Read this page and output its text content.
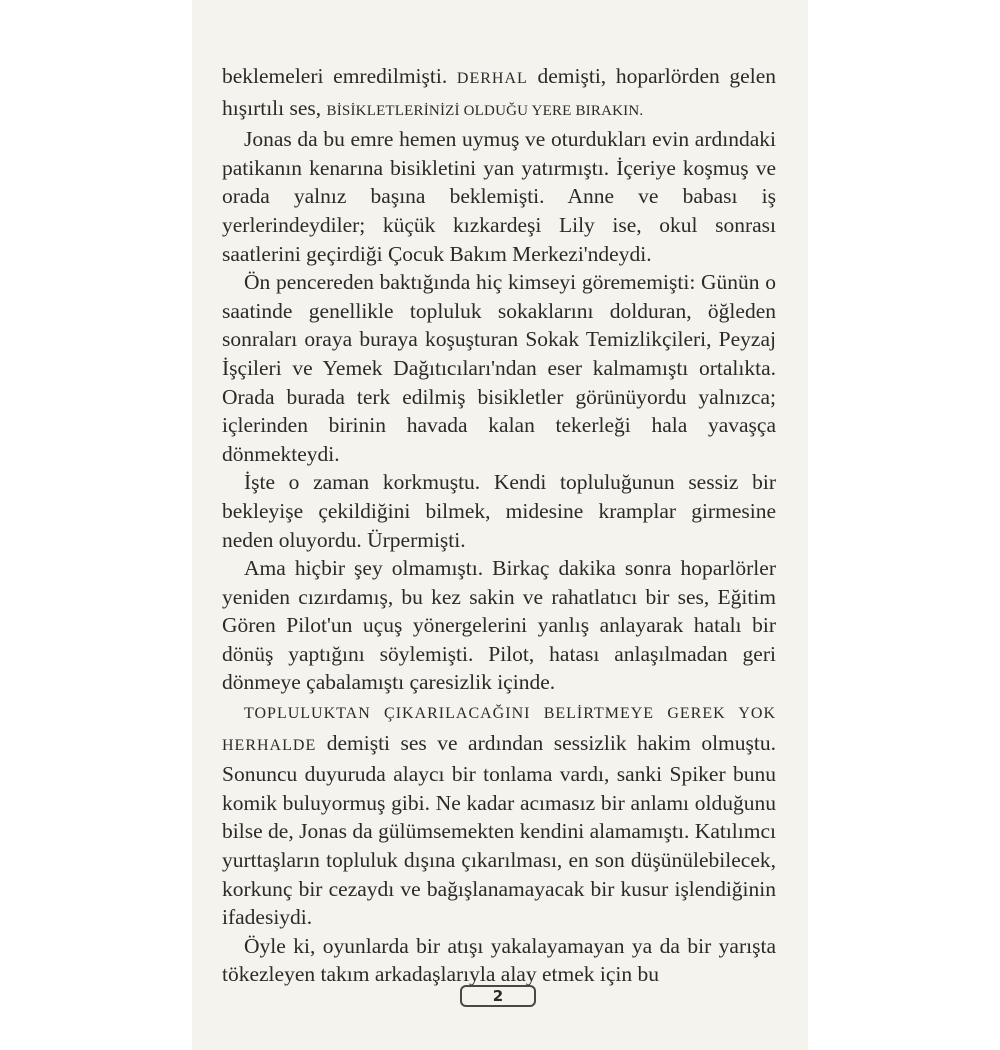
beklemeleri emredilmişti. DERHAL demişti, hoparlörden gelen hışırtılı ses, BİSİKLETLERİNİZİ OLDUĞU YERE BIRAKIN.

Jonas da bu emre hemen uymuş ve oturdukları evin ardındaki patikanın kenarına bisikletini yan yatırmıştı. İçeriye koşmuş ve orada yalnız başına beklemişti. Anne ve babası iş yerlerindeydiler; küçük kızkardeşi Lily ise, okul sonrası saatlerini geçirdiği Çocuk Bakım Merkezi'ndeydi.

Ön pencereden baktığında hiç kimseyi görememişti: Günün o saatinde genellikle topluluk sokaklarını dolduran, öğleden sonraları oraya buraya koşuşturan Sokak Temizlikçileri, Peyzaj İşçileri ve Yemek Dağıtıcıları'ndan eser kalmamıştı ortalıkta. Orada burada terk edilmiş bisikletler görünüyordu yalnızca; içlerinden birinin havada kalan tekerleği hala yavaşça dönmekteydi.

İşte o zaman korkmuştu. Kendi topluluğunun sessiz bir bekleyişe çekildiğini bilmek, midesine kramplar girmesine neden oluyordu. Ürpermişti.

Ama hiçbir şey olmamıştı. Birkaç dakika sonra hoparlörler yeniden cızırdamış, bu kez sakin ve rahatlatıcı bir ses, Eğitim Gören Pilot'un uçuş yönergelerini yanlış anlayarak hatalı bir dönüş yaptığını söylemişti. Pilot, hatası anlaşılmadan geri dönmeye çabalamıştı çaresizlik içinde.

TOPLULUKTAN ÇIKARILACAĞINI BELİRTMEYE GEREK YOK HERHALDE demişti ses ve ardından sessizlik hakim olmuştu. Sonuncu duyuruda alaycı bir tonlama vardı, sanki Spiker bunu komik buluyormuş gibi. Ne kadar acımasız bir anlamı olduğunu bilse de, Jonas da gülümsemekten kendini alamamıştı. Katılımcı yurttaşların topluluk dışına çıkarılması, en son düşünülebilecek, korkunç bir cezaydı ve bağışlanamayacak bir kusur işlendiğinin ifadesiydi.

Öyle ki, oyunlarda bir atışı yakalayamayan ya da bir yarışta tökezleyen takım arkadaşlarıyla alay etmek için bu

2
